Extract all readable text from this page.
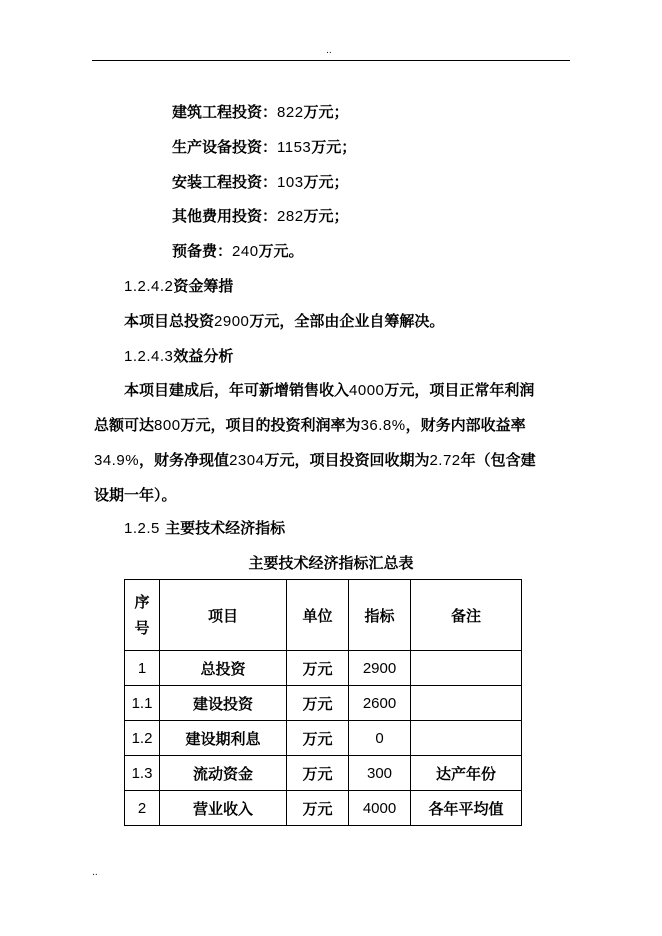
..
建筑工程投资：822万元；
生产设备投资：1153万元；
安装工程投资：103万元；
其他费用投资：282万元；
预备费：240万元。
1.2.4.2资金筹措
本项目总投资2900万元，全部由企业自筹解决。
1.2.4.3效益分析
本项目建成后，年可新增销售收入4000万元，项目正常年利润
总额可达800万元，项目的投资利润率为36.8%，财务内部收益率
34.9%，财务净现值2304万元，项目投资回收期为2.72年（包含建
设期一年）。
1.2.5 主要技术经济指标
主要技术经济指标汇总表
序
号	项目	单位	指标	备注
1	总投资	万元	2900	
1.1	建设投资	万元	2600	
1.2	建设期利息	万元	0	
1.3	流动资金	万元	300	达产年份
2	营业收入	万元	4000	各年平均值
..
